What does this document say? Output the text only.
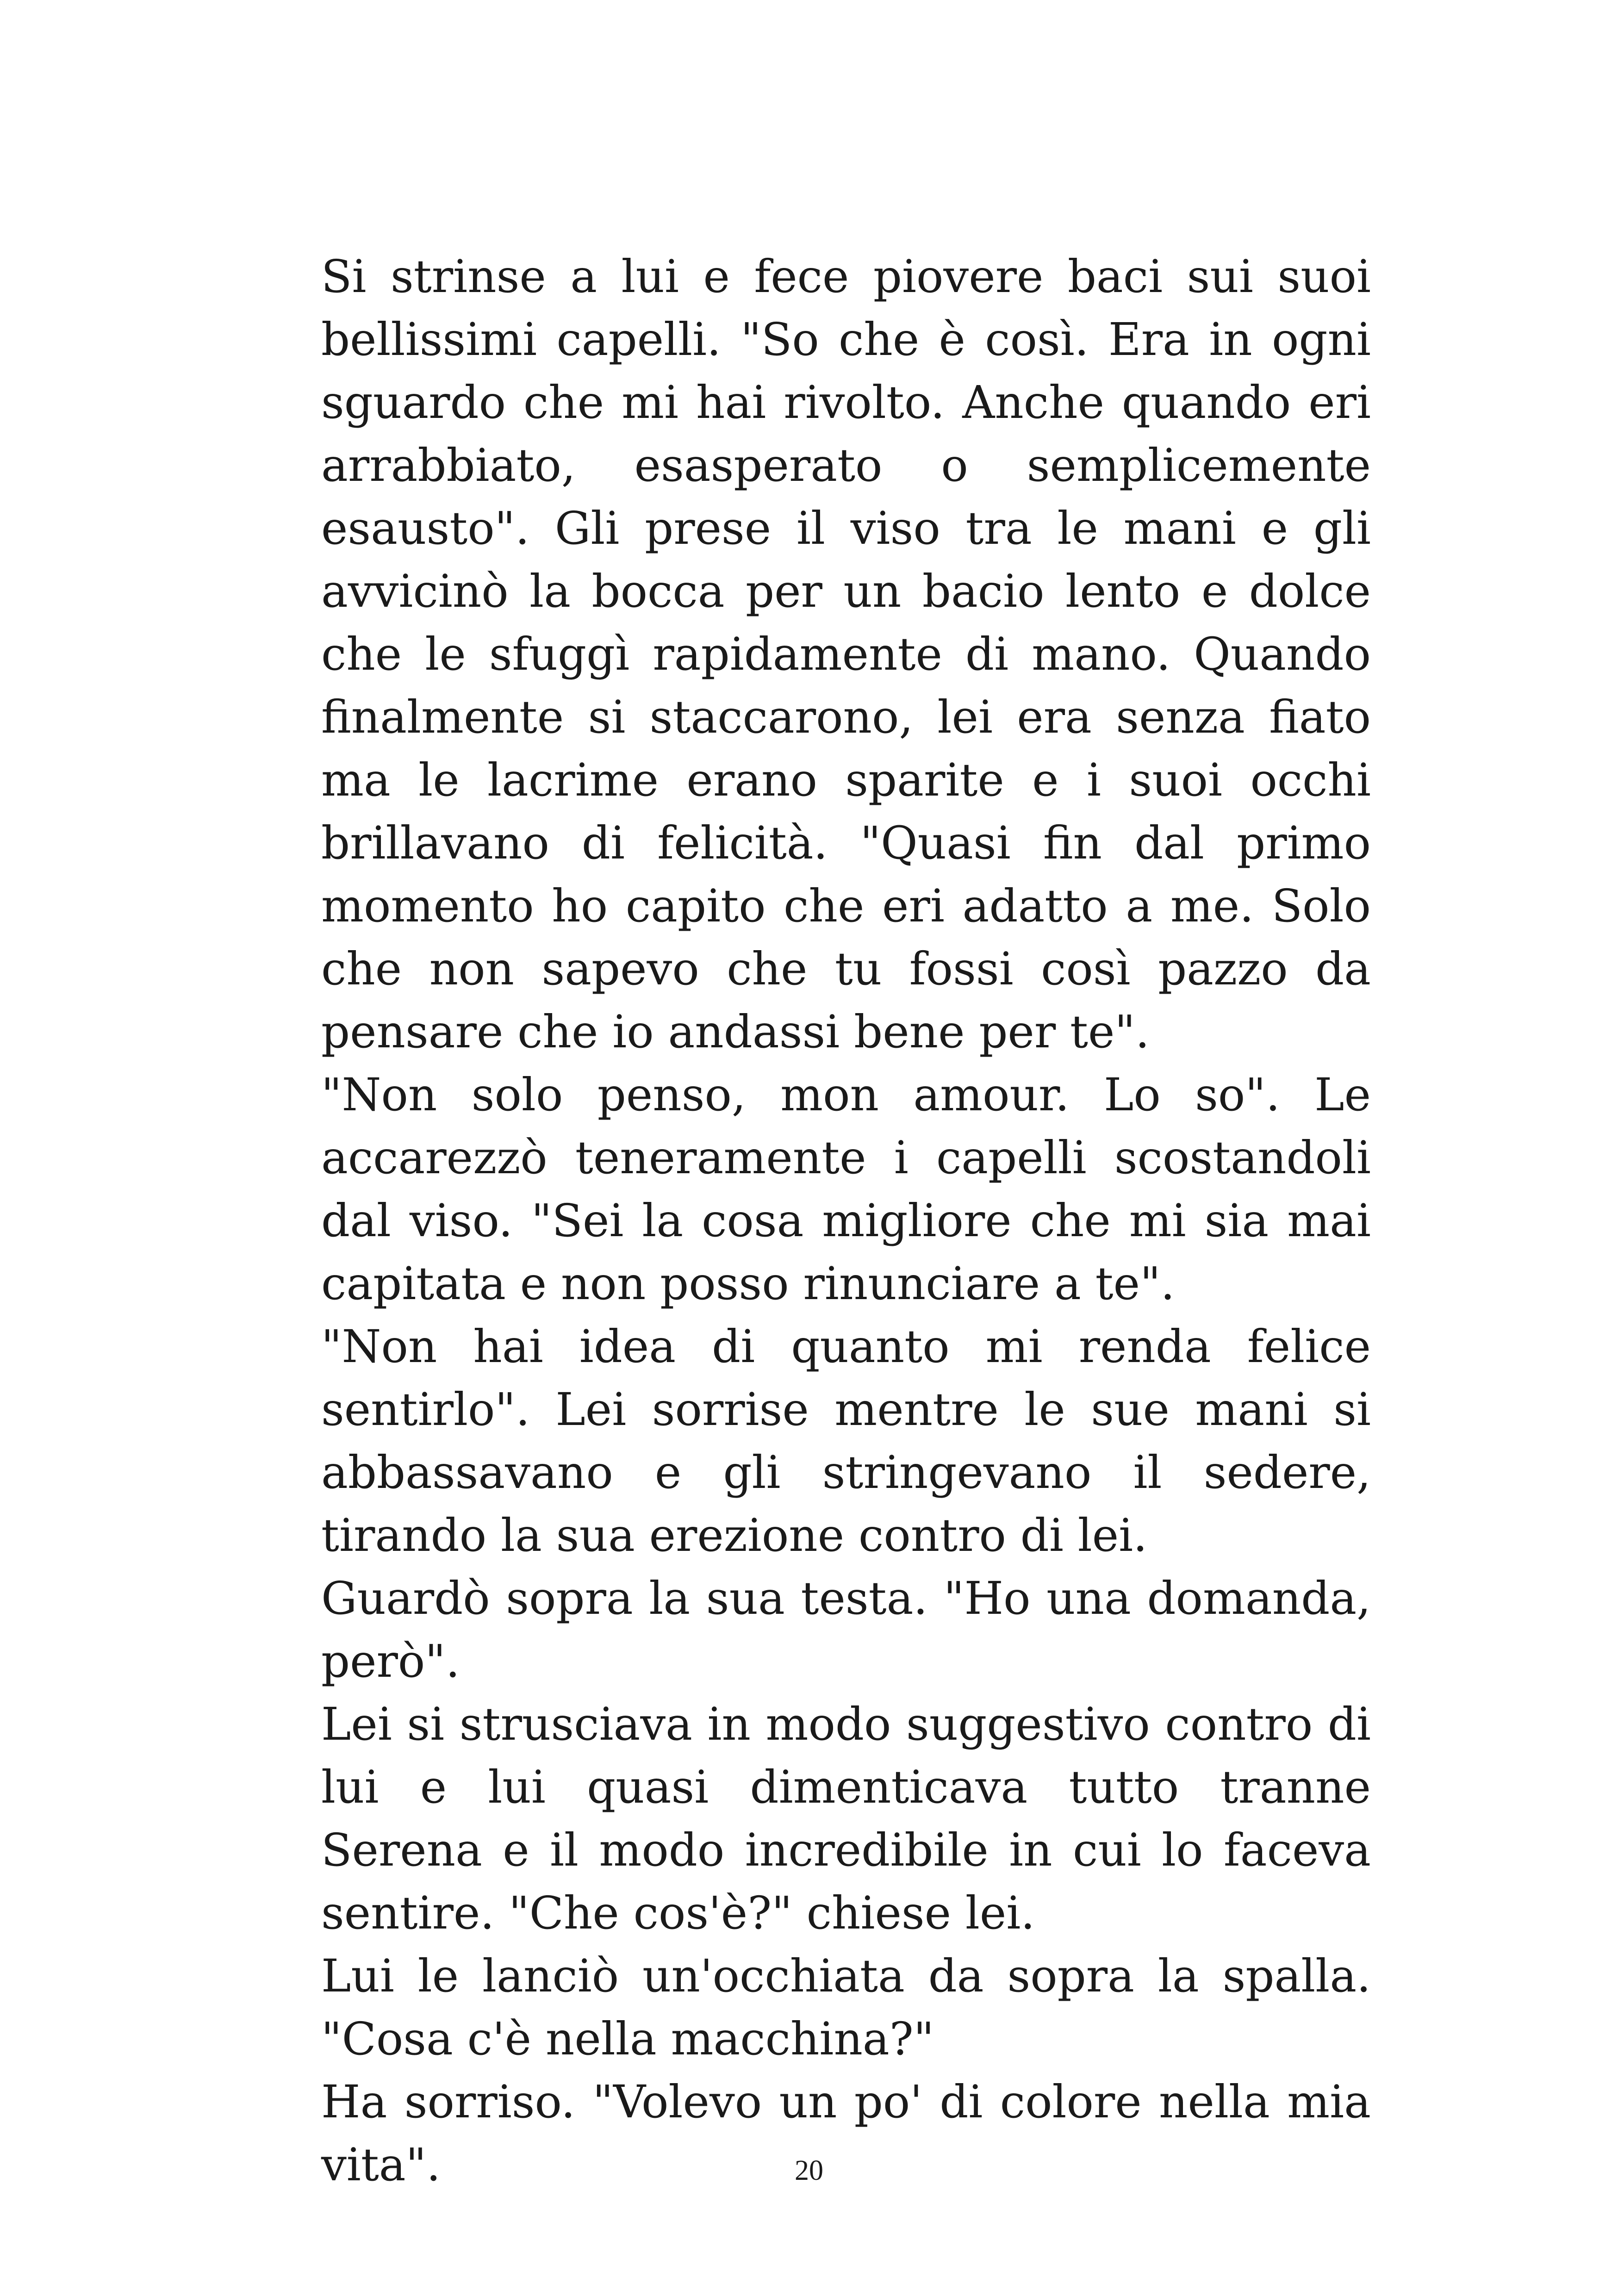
Si strinse a lui e fece piovere baci sui suoi bellissimi capelli. "So che è così. Era in ogni sguardo che mi hai rivolto. Anche quando eri arrabbiato, esasperato o semplicemente esausto". Gli prese il viso tra le mani e gli avvicinò la bocca per un bacio lento e dolce che le sfuggì rapidamente di mano. Quando finalmente si staccarono, lei era senza fiato ma le lacrime erano sparite e i suoi occhi brillavano di felicità. "Quasi fin dal primo momento ho capito che eri adatto a me. Solo che non sapevo che tu fossi così pazzo da pensare che io andassi bene per te".

"Non solo penso, mon amour. Lo so". Le accarezzò teneramente i capelli scostandoli dal viso. "Sei la cosa migliore che mi sia mai capitata e non posso rinunciare a te".

"Non hai idea di quanto mi renda felice sentirlo". Lei sorrise mentre le sue mani si abbassavano e gli stringevano il sedere, tirando la sua erezione contro di lei.

Guardò sopra la sua testa. "Ho una domanda, però".

Lei si strusciava in modo suggestivo contro di lui e lui quasi dimenticava tutto tranne Serena e il modo incredibile in cui lo faceva sentire. "Che cos'è?" chiese lei.

Lui le lanciò un'occhiata da sopra la spalla. "Cosa c'è nella macchina?"

Ha sorriso. "Volevo un po' di colore nella mia vita".	20
